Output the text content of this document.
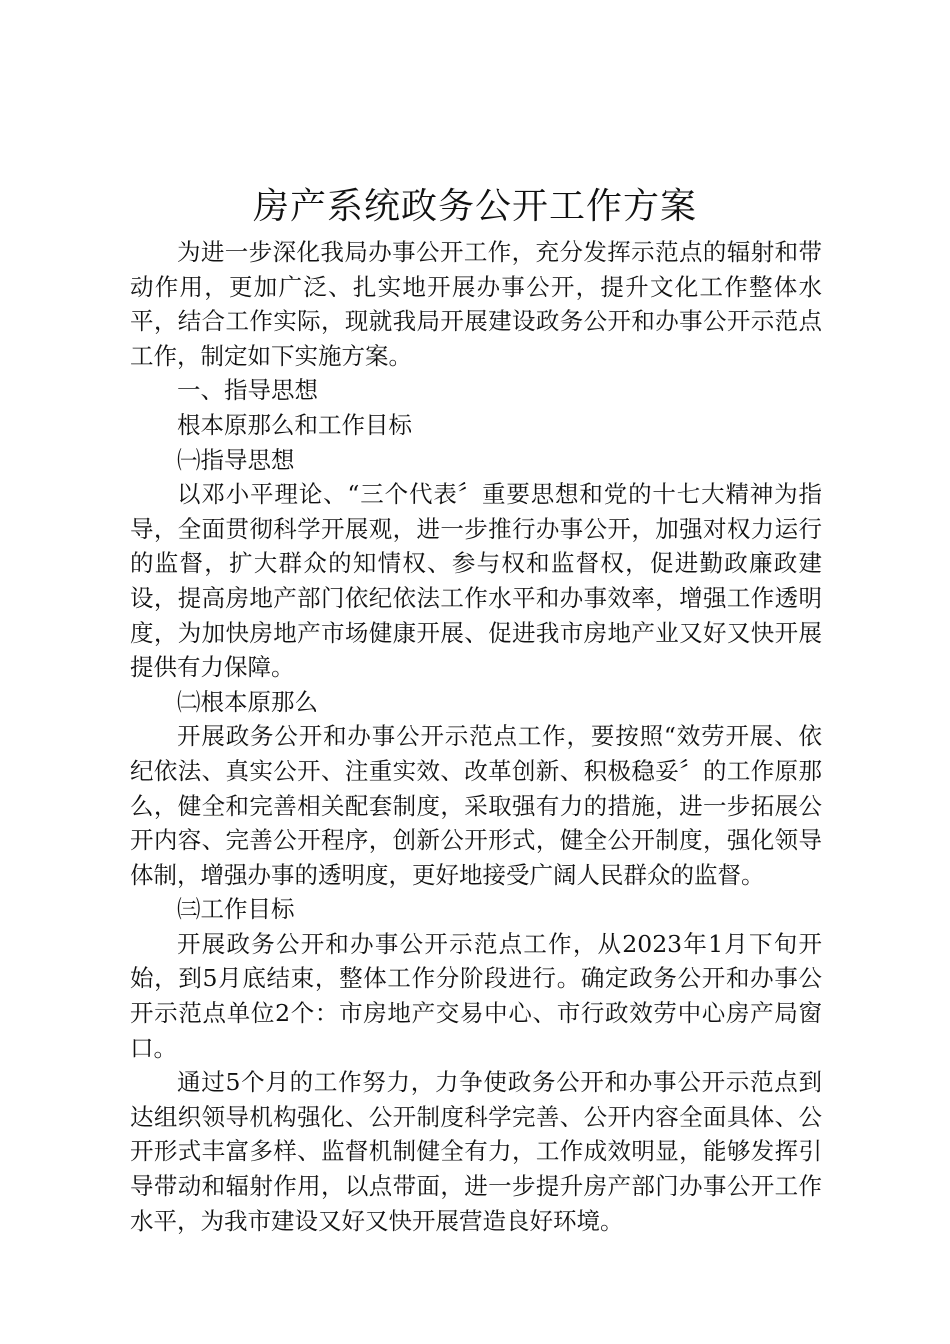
房产系统政务公开工作方案

为进一步深化我局办事公开工作，充分发挥示范点的辐射和带动作用，更加广泛、扎实地开展办事公开，提升文化工作整体水平，结合工作实际，现就我局开展建设政务公开和办事公开示范点工作，制定如下实施方案。

一、指导思想

根本原那么和工作目标

㈠指导思想

以邓小平理论、“三个代表〞重要思想和党的十七大精神为指导，全面贯彻科学开展观，进一步推行办事公开，加强对权力运行的监督，扩大群众的知情权、参与权和监督权，促进勤政廉政建设，提高房地产部门依纪依法工作水平和办事效率，增强工作透明度，为加快房地产市场健康开展、促进我市房地产业又好又快开展提供有力保障。

㈡根本原那么

开展政务公开和办事公开示范点工作，要按照“效劳开展、依纪依法、真实公开、注重实效、改革创新、积极稳妥〞的工作原那么，健全和完善相关配套制度，采取强有力的措施，进一步拓展公开内容、完善公开程序，创新公开形式，健全公开制度，强化领导体制，增强办事的透明度，更好地接受广阔人民群众的监督。

㈢工作目标

开展政务公开和办事公开示范点工作，从2023年1月下旬开始，到5月底结束，整体工作分阶段进行。确定政务公开和办事公开示范点单位2个：市房地产交易中心、市行政效劳中心房产局窗口。

通过5个月的工作努力，力争使政务公开和办事公开示范点到达组织领导机构强化、公开制度科学完善、公开内容全面具体、公开形式丰富多样、监督机制健全有力，工作成效明显，能够发挥引导带动和辐射作用，以点带面，进一步提升房产部门办事公开工作水平，为我市建设又好又快开展营造良好环境。
